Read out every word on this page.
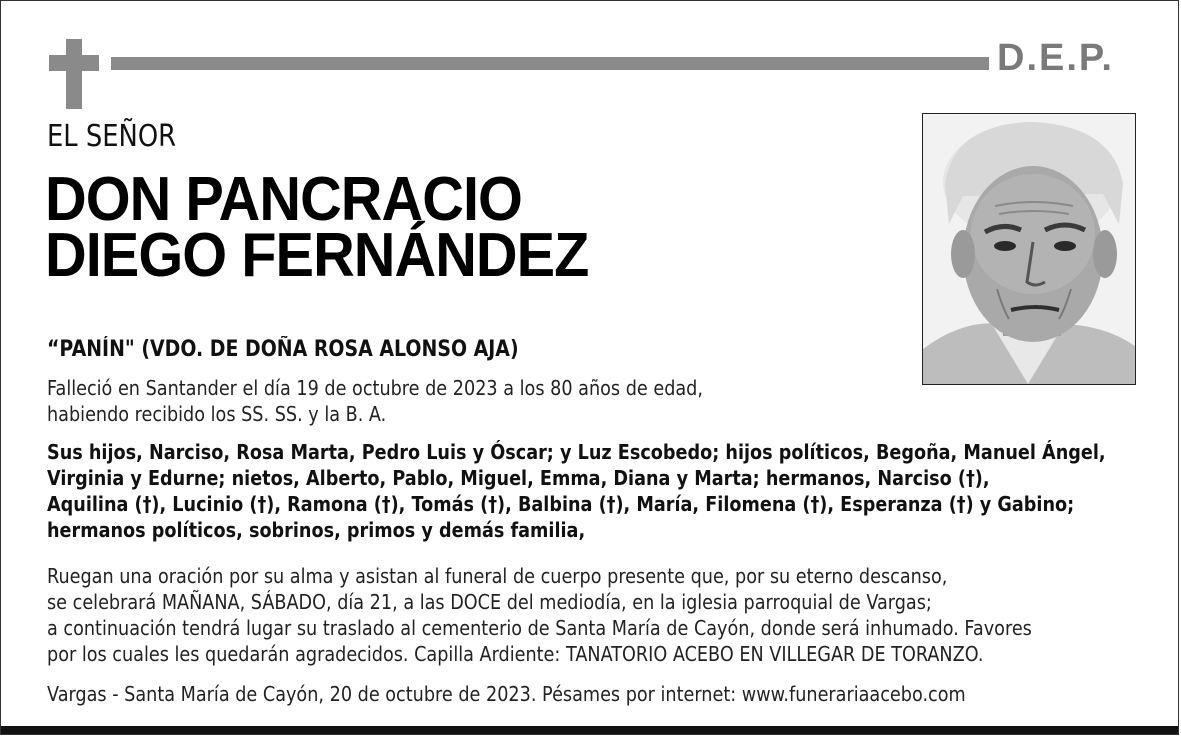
D.E.P.
EL SEÑOR
DON PANCRACIO
DIEGO FERNÁNDEZ
“PANÍN" (VDO. DE DOÑA ROSA ALONSO AJA)
Falleció en Santander el día 19 de octubre de 2023 a los 80 años de edad,
habiendo recibido los SS. SS. y la B. A.
Sus hijos, Narciso, Rosa Marta, Pedro Luis y Óscar; y Luz Escobedo; hijos políticos, Begoña, Manuel Ángel,
Virginia y Edurne; nietos, Alberto, Pablo, Miguel, Emma, Diana y Marta; hermanos, Narciso (†),
Aquilina (†), Lucinio (†), Ramona (†), Tomás (†), Balbina (†), María, Filomena (†), Esperanza (†) y Gabino;
hermanos políticos, sobrinos, primos y demás familia,
Ruegan una oración por su alma y asistan al funeral de cuerpo presente que, por su eterno descanso,
se celebrará MAÑANA, SÁBADO, día 21, a las DOCE del mediodía, en la iglesia parroquial de Vargas;
a continuación tendrá lugar su traslado al cementerio de Santa María de Cayón, donde será inhumado. Favores
por los cuales les quedarán agradecidos. Capilla Ardiente: TANATORIO ACEBO EN VILLEGAR DE TORANZO.
Vargas - Santa María de Cayón, 20 de octubre de 2023. Pésames por internet: www.funerariaacebo.com
